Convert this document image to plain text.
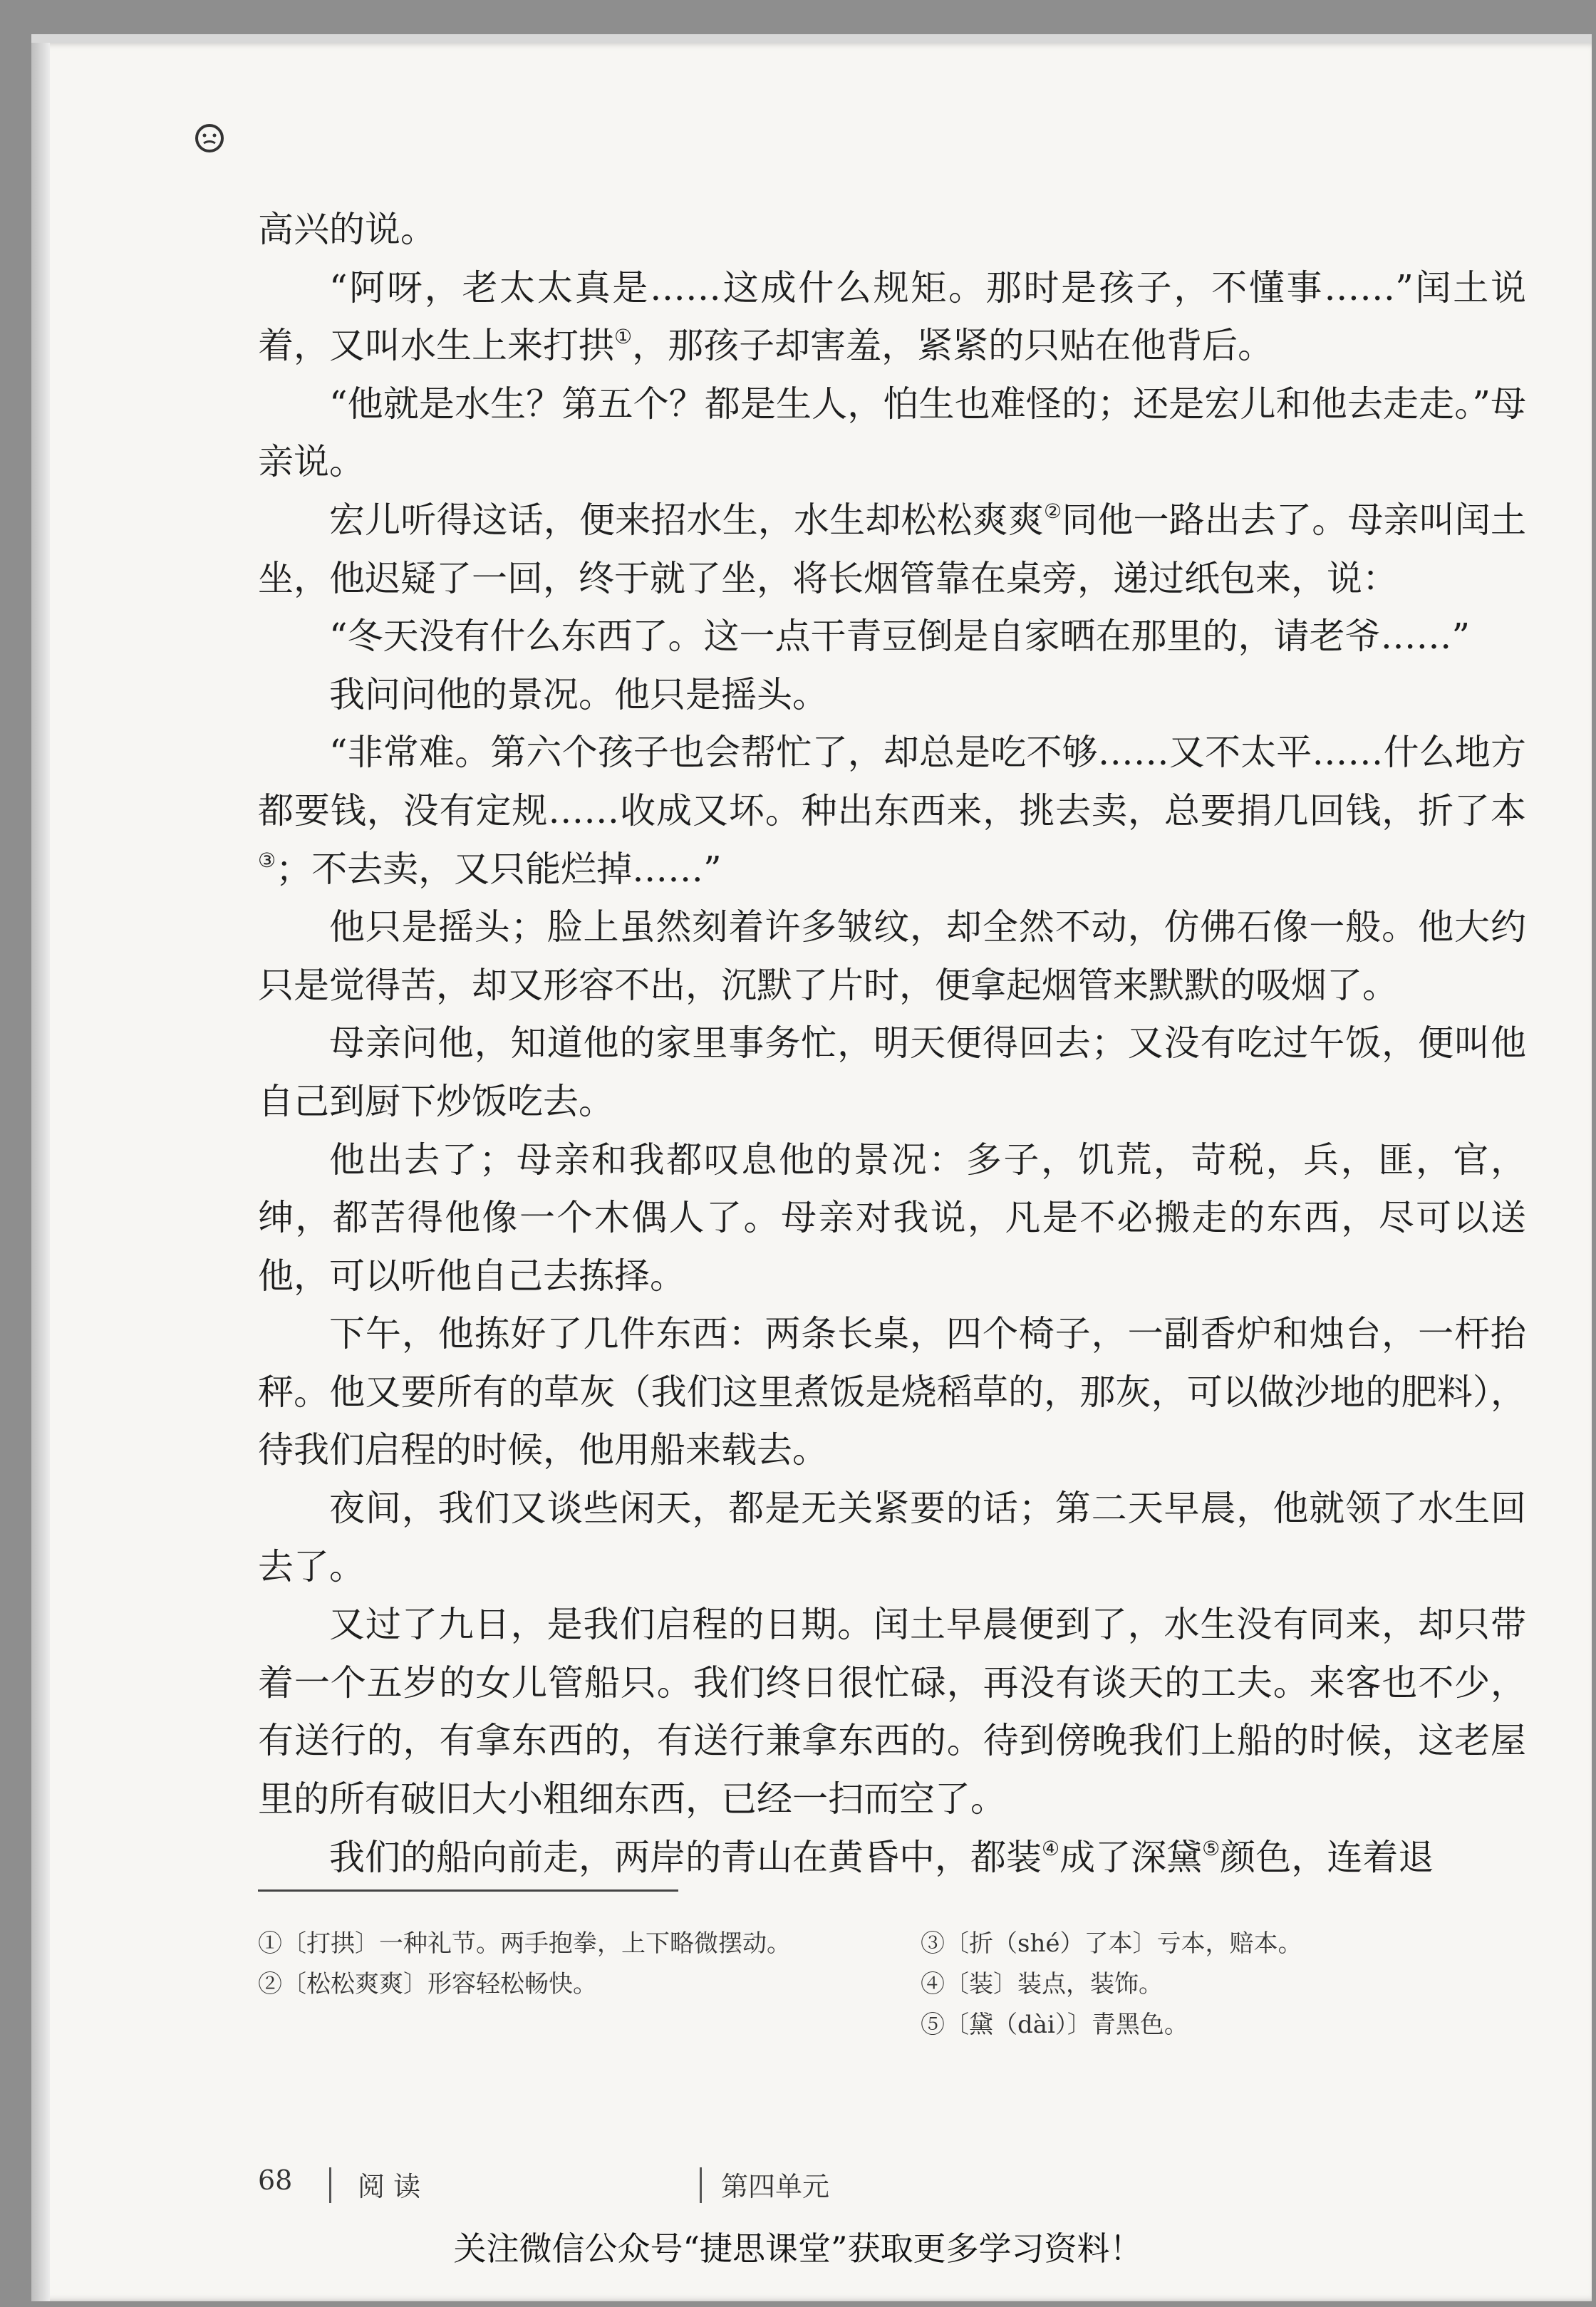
高兴的说。

“阿呀，老太太真是……这成什么规矩。那时是孩子，不懂事……”闰土说着，又叫水生上来打拱①，那孩子却害羞，紧紧的只贴在他背后。

“他就是水生？第五个？都是生人，怕生也难怪的；还是宏儿和他去走走。”母亲说。

宏儿听得这话，便来招水生，水生却松松爽爽②同他一路出去了。母亲叫闰土坐，他迟疑了一回，终于就了坐，将长烟管靠在桌旁，递过纸包来，说：

“冬天没有什么东西了。这一点干青豆倒是自家晒在那里的，请老爷……”

我问问他的景况。他只是摇头。

“非常难。第六个孩子也会帮忙了，却总是吃不够……又不太平……什么地方都要钱，没有定规……收成又坏。种出东西来，挑去卖，总要捐几回钱，折了本③；不去卖，又只能烂掉……”

他只是摇头；脸上虽然刻着许多皱纹，却全然不动，仿佛石像一般。他大约只是觉得苦，却又形容不出，沉默了片时，便拿起烟管来默默的吸烟了。

母亲问他，知道他的家里事务忙，明天便得回去；又没有吃过午饭，便叫他自己到厨下炒饭吃去。

他出去了；母亲和我都叹息他的景况：多子，饥荒，苛税，兵，匪，官，绅，都苦得他像一个木偶人了。母亲对我说，凡是不必搬走的东西，尽可以送他，可以听他自己去拣择。

下午，他拣好了几件东西：两条长桌，四个椅子，一副香炉和烛台，一杆抬秤。他又要所有的草灰（我们这里煮饭是烧稻草的，那灰，可以做沙地的肥料），待我们启程的时候，他用船来载去。

夜间，我们又谈些闲天，都是无关紧要的话；第二天早晨，他就领了水生回去了。

又过了九日，是我们启程的日期。闰土早晨便到了，水生没有同来，却只带着一个五岁的女儿管船只。我们终日很忙碌，再没有谈天的工夫。来客也不少，有送行的，有拿东西的，有送行兼拿东西的。待到傍晚我们上船的时候，这老屋里的所有破旧大小粗细东西，已经一扫而空了。

我们的船向前走，两岸的青山在黄昏中，都装④成了深黛⑤颜色，连着退

①〔打拱〕一种礼节。两手抱拳，上下略微摆动。

②〔松松爽爽〕形容轻松畅快。

③〔折（shé）了本〕亏本，赔本。

④〔装〕装点，装饰。

⑤〔黛（dài）〕青黑色。

68 阅 读	第四单元
关注微信公众号“捷思课堂”获取更多学习资料！
